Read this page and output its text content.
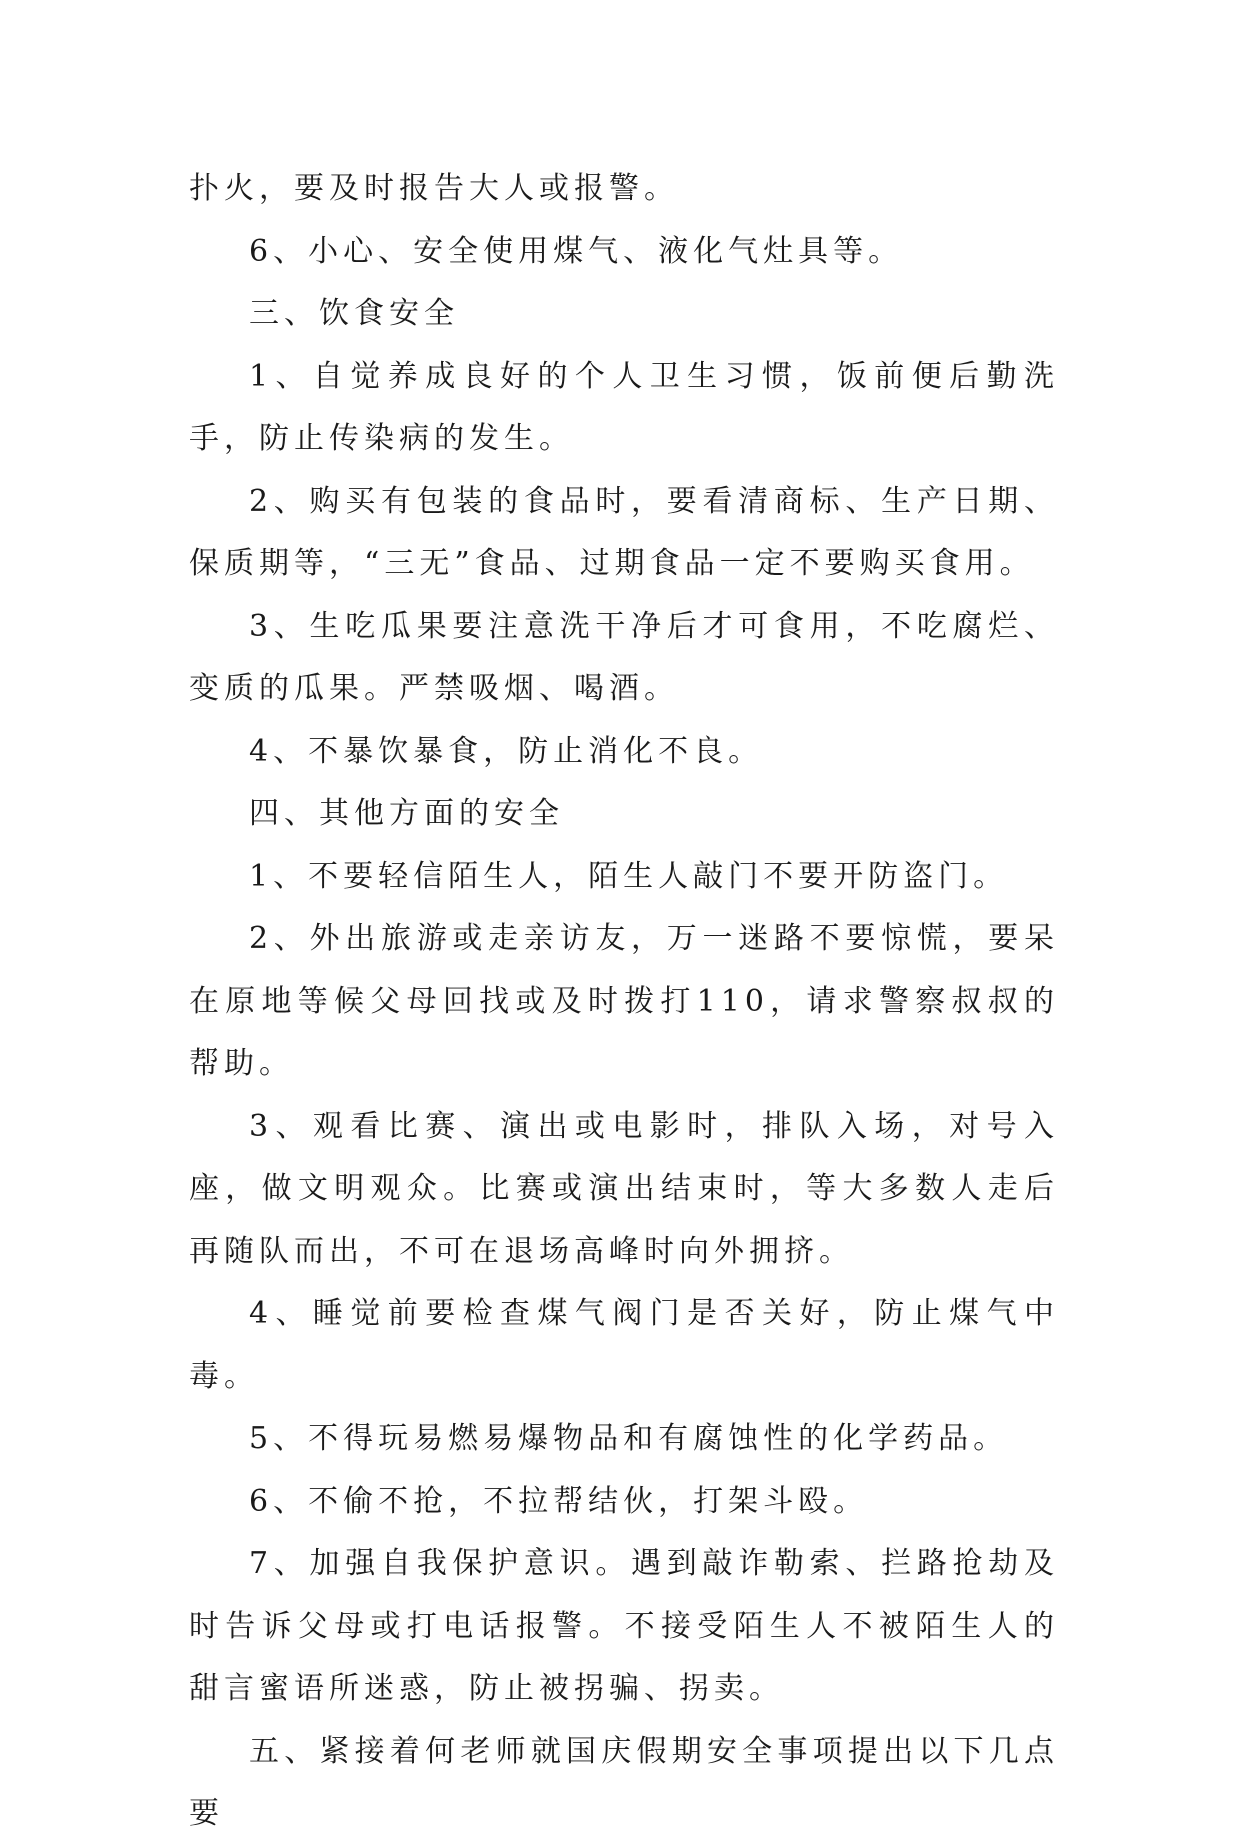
扑火，要及时报告大人或报警。

6、小心、安全使用煤气、液化气灶具等。

三、饮食安全

1、自觉养成良好的个人卫生习惯，饭前便后勤洗手，防止传染病的发生。

2、购买有包装的食品时，要看清商标、生产日期、保质期等，“三无”食品、过期食品一定不要购买食用。

3、生吃瓜果要注意洗干净后才可食用，不吃腐烂、变质的瓜果。严禁吸烟、喝酒。

4、不暴饮暴食，防止消化不良。

四、其他方面的安全

1、不要轻信陌生人，陌生人敲门不要开防盗门。

2、外出旅游或走亲访友，万一迷路不要惊慌，要呆在原地等候父母回找或及时拨打110，请求警察叔叔的帮助。

3、观看比赛、演出或电影时，排队入场，对号入座，做文明观众。比赛或演出结束时，等大多数人走后再随队而出，不可在退场高峰时向外拥挤。

4、睡觉前要检查煤气阀门是否关好，防止煤气中毒。

5、不得玩易燃易爆物品和有腐蚀性的化学药品。

6、不偷不抢，不拉帮结伙，打架斗殴。

7、加强自我保护意识。遇到敲诈勒索、拦路抢劫及时告诉父母或打电话报警。不接受陌生人不被陌生人的甜言蜜语所迷惑，防止被拐骗、拐卖。

五、紧接着何老师就国庆假期安全事项提出以下几点要
